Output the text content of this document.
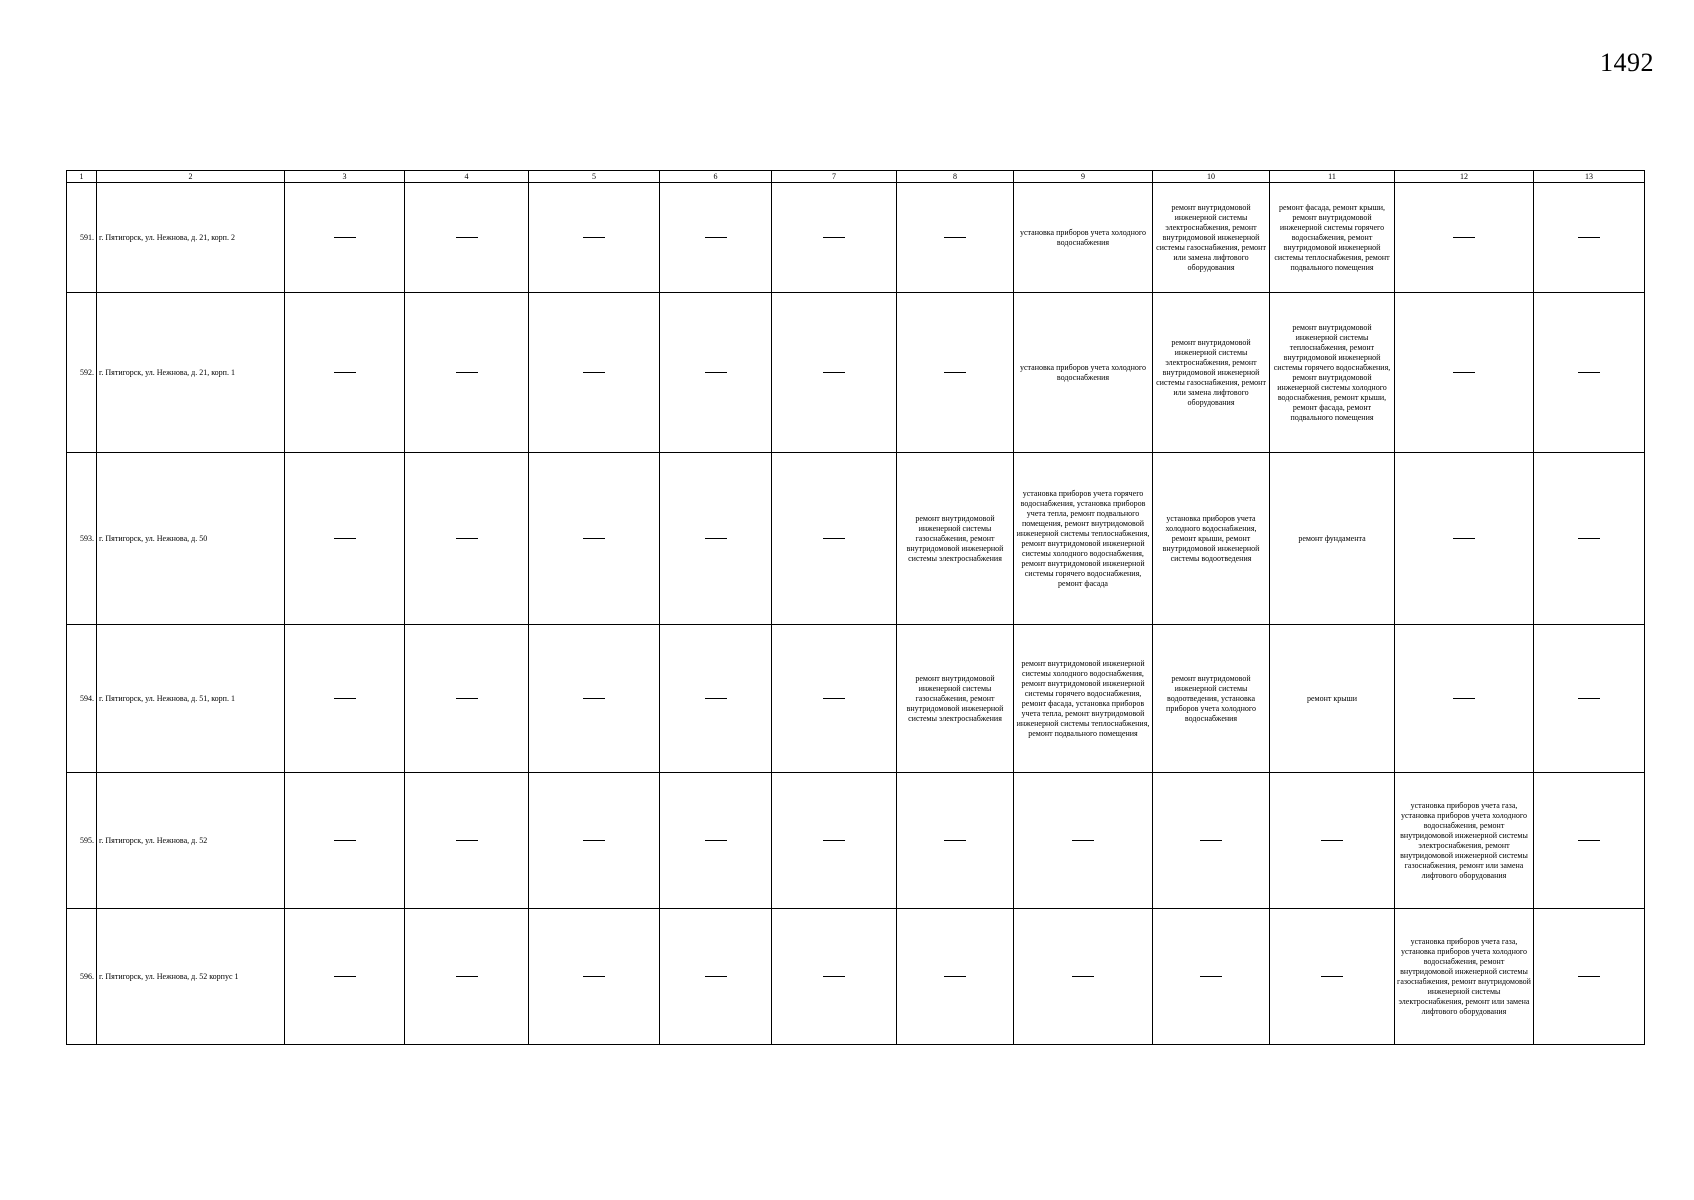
1492
1	2	3	4	5	6	7	8	9	10	11	12	13
591.	г. Пятигорск, ул. Нежнова, д. 21, корп. 2							установка приборов учета холодного водоснабжения	ремонт внутридомовой инженерной системы электроснабжения, ремонт внутридомовой инженерной системы газоснабжения, ремонт или замена лифтового оборудования	ремонт фасада, ремонт крыши, ремонт внутридомовой инженерной системы горячего водоснабжения, ремонт внутридомовой инженерной системы теплоснабжения, ремонт подвального помещения		
592.	г. Пятигорск, ул. Нежнова, д. 21, корп. 1							установка приборов учета холодного водоснабжения	ремонт внутридомовой инженерной системы электроснабжения, ремонт внутридомовой инженерной системы газоснабжения, ремонт или замена лифтового оборудования	ремонт внутридомовой инженерной системы теплоснабжения, ремонт внутридомовой инженерной системы горячего водоснабжения, ремонт внутридомовой инженерной системы холодного водоснабжения, ремонт крыши, ремонт фасада, ремонт подвального помещения		
593.	г. Пятигорск, ул. Нежнова, д. 50						ремонт внутридомовой инженерной системы газоснабжения, ремонт внутридомовой инженерной системы электроснабжения	установка приборов учета горячего водоснабжения, установка приборов учета тепла, ремонт подвального помещения, ремонт внутридомовой инженерной системы теплоснабжения, ремонт внутридомовой инженерной системы холодного водоснабжения, ремонт внутридомовой инженерной системы горячего водоснабжения, ремонт фасада	установка приборов учета холодного водоснабжения, ремонт крыши, ремонт внутридомовой инженерной системы водоотведения	ремонт фундамента		
594.	г. Пятигорск, ул. Нежнова, д. 51, корп. 1						ремонт внутридомовой инженерной системы газоснабжения, ремонт внутридомовой инженерной системы электроснабжения	ремонт внутридомовой инженерной системы холодного водоснабжения, ремонт внутридомовой инженерной системы горячего водоснабжения, ремонт фасада, установка приборов учета тепла, ремонт внутридомовой инженерной системы теплоснабжения, ремонт подвального помещения	ремонт внутридомовой инженерной системы водоотведения, установка приборов учета холодного водоснабжения	ремонт крыши		
595.	г. Пятигорск, ул. Нежнова, д. 52										установка приборов учета газа, установка приборов учета холодного водоснабжения, ремонт внутридомовой инженерной системы электроснабжения, ремонт внутридомовой инженерной системы газоснабжения, ремонт или замена лифтового оборудования	
596.	г. Пятигорск, ул. Нежнова, д. 52 корпус 1										установка приборов учета газа, установка приборов учета холодного водоснабжения, ремонт внутридомовой инженерной системы газоснабжения, ремонт внутридомовой инженерной системы электроснабжения, ремонт или замена лифтового оборудования	
